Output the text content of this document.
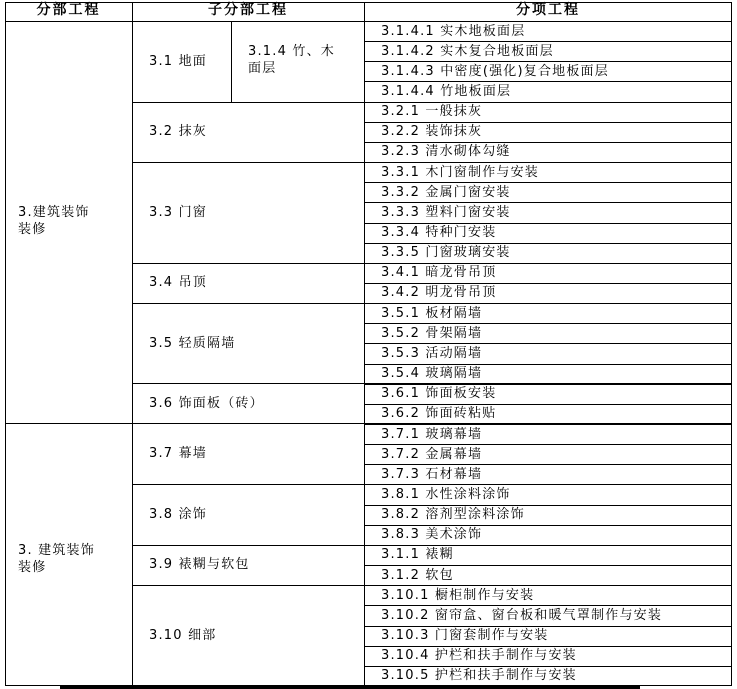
分部工程	子分部工程	分项工程
3.建筑装饰
装修
3. 建筑装饰
装修
3.1 地面
3.1.4 竹、木
面层
3.2 抹灰
3.3 门窗
3.4 吊顶
3.5 轻质隔墙
3.6 饰面板（砖）
3.7 幕墙
3.8 涂饰
3.9 裱糊与软包
3.10 细部
3.1.4.1 实木地板面层
3.1.4.2 实木复合地板面层
3.1.4.3 中密度(强化)复合地板面层
3.1.4.4 竹地板面层
3.2.1 一般抹灰
3.2.2 装饰抹灰
3.2.3 清水砌体勾缝
3.3.1 木门窗制作与安装
3.3.2 金属门窗安装
3.3.3 塑料门窗安装
3.3.4 特种门安装
3.3.5 门窗玻璃安装
3.4.1 暗龙骨吊顶
3.4.2 明龙骨吊顶
3.5.1 板材隔墙
3.5.2 骨架隔墙
3.5.3 活动隔墙
3.5.4 玻璃隔墙
3.6.1 饰面板安装
3.6.2 饰面砖粘贴
3.7.1 玻璃幕墙
3.7.2 金属幕墙
3.7.3 石材幕墙
3.8.1 水性涂料涂饰
3.8.2 溶剂型涂料涂饰
3.8.3 美术涂饰
3.1.1 裱糊
3.1.2 软包
3.10.1 橱柜制作与安装
3.10.2 窗帘盒、窗台板和暖气罩制作与安装
3.10.3 门窗套制作与安装
3.10.4 护栏和扶手制作与安装
3.10.5 护栏和扶手制作与安装
